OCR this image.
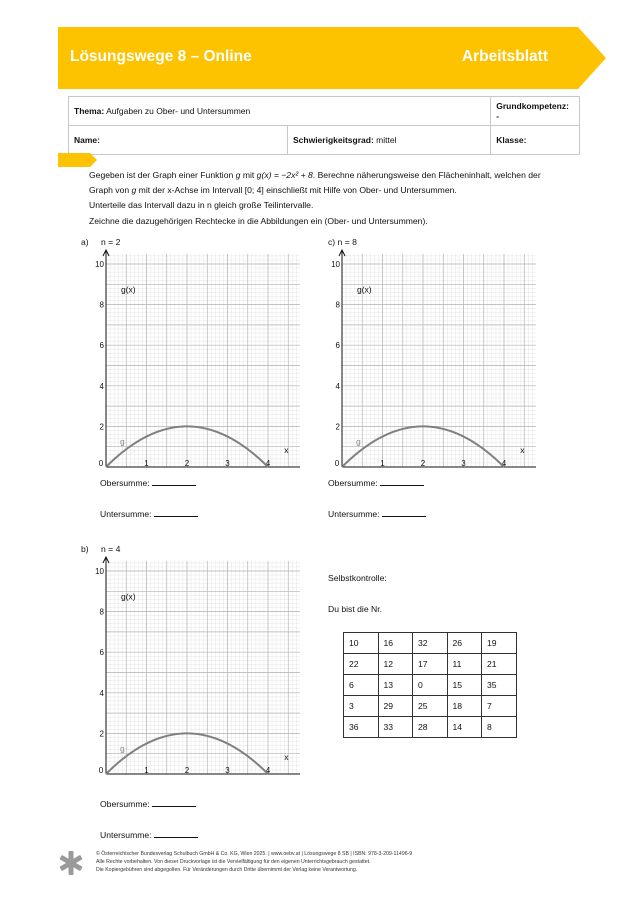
Lösungswege 8 – Online	Arbeitsblatt
Thema: Aufgaben zu Ober- und Untersummen		Grundkompetenz: -
Name:	Schwierigkeitsgrad: mittel	Klasse:

Gegeben ist der Graph einer Funktion g mit g(x) = −2x² + 8. Berechne näherungsweise den Flächeninhalt, welchen der

Graph von g mit der x-Achse im Intervall [0; 4] einschließt mit Hilfe von Ober- und Untersummen.

Unterteile das Intervall dazu in n gleich große Teilintervalle.

Zeichne die dazugehörigen Rechtecke in die Abbildungen ein (Ober- und Untersummen).

a) n = 2	c) n = 8
b) n = 4
10
8
6
4
2
0	1	2	3	4
g(x)
g
x
10
8
6
4
2
0	1	2	3	4
g(x)
g
x
10
8
6
4
2
0	1	2	3	4
g(x)
g
x
Obersumme:
Untersumme:
Obersumme:
Untersumme:
Obersumme:
Untersumme:
Selbstkontrolle:
Du bist die Nr.
10	16	32	26	19
22	12	17	11	21
6	13	0	15	35
3	29	25	18	7
36	33	28	14	8

© Österreichischer Bundesverlag Schulbuch GmbH & Co. KG, Wien 2025. | www.oebv.at | Lösungswege 8 SB | ISBN: 978-3-209-11496-9

Alle Rechte vorbehalten. Von dieser Druckvorlage ist die Vervielfältigung für den eigenen Unterrichtsgebrauch gestattet.

Die Kopiergebühren sind abgegolten. Für Veränderungen durch Dritte übernimmt der Verlag keine Verantwortung.
